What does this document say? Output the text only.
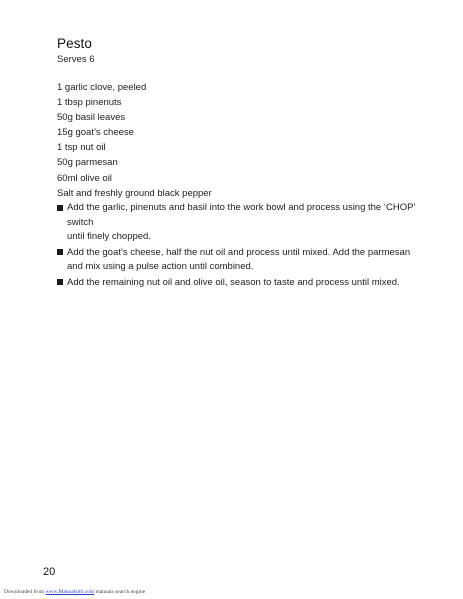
Pesto
Serves 6
1 garlic clove, peeled
1 tbsp pinenuts
50g basil leaves
15g goat’s cheese
1 tsp nut oil
50g parmesan
60ml olive oil
Salt and freshly ground black pepper
Add the garlic, pinenuts and basil into the work bowl and process using the ‘CHOP’ switch
until finely chopped.
Add the goat’s cheese, half the nut oil and process until mixed. Add the parmesan
and mix using a pulse action until combined.
Add the remaining nut oil and olive oil, season to taste and process until mixed.
20
Downloaded from www.Manualslib.com manuals search engine
